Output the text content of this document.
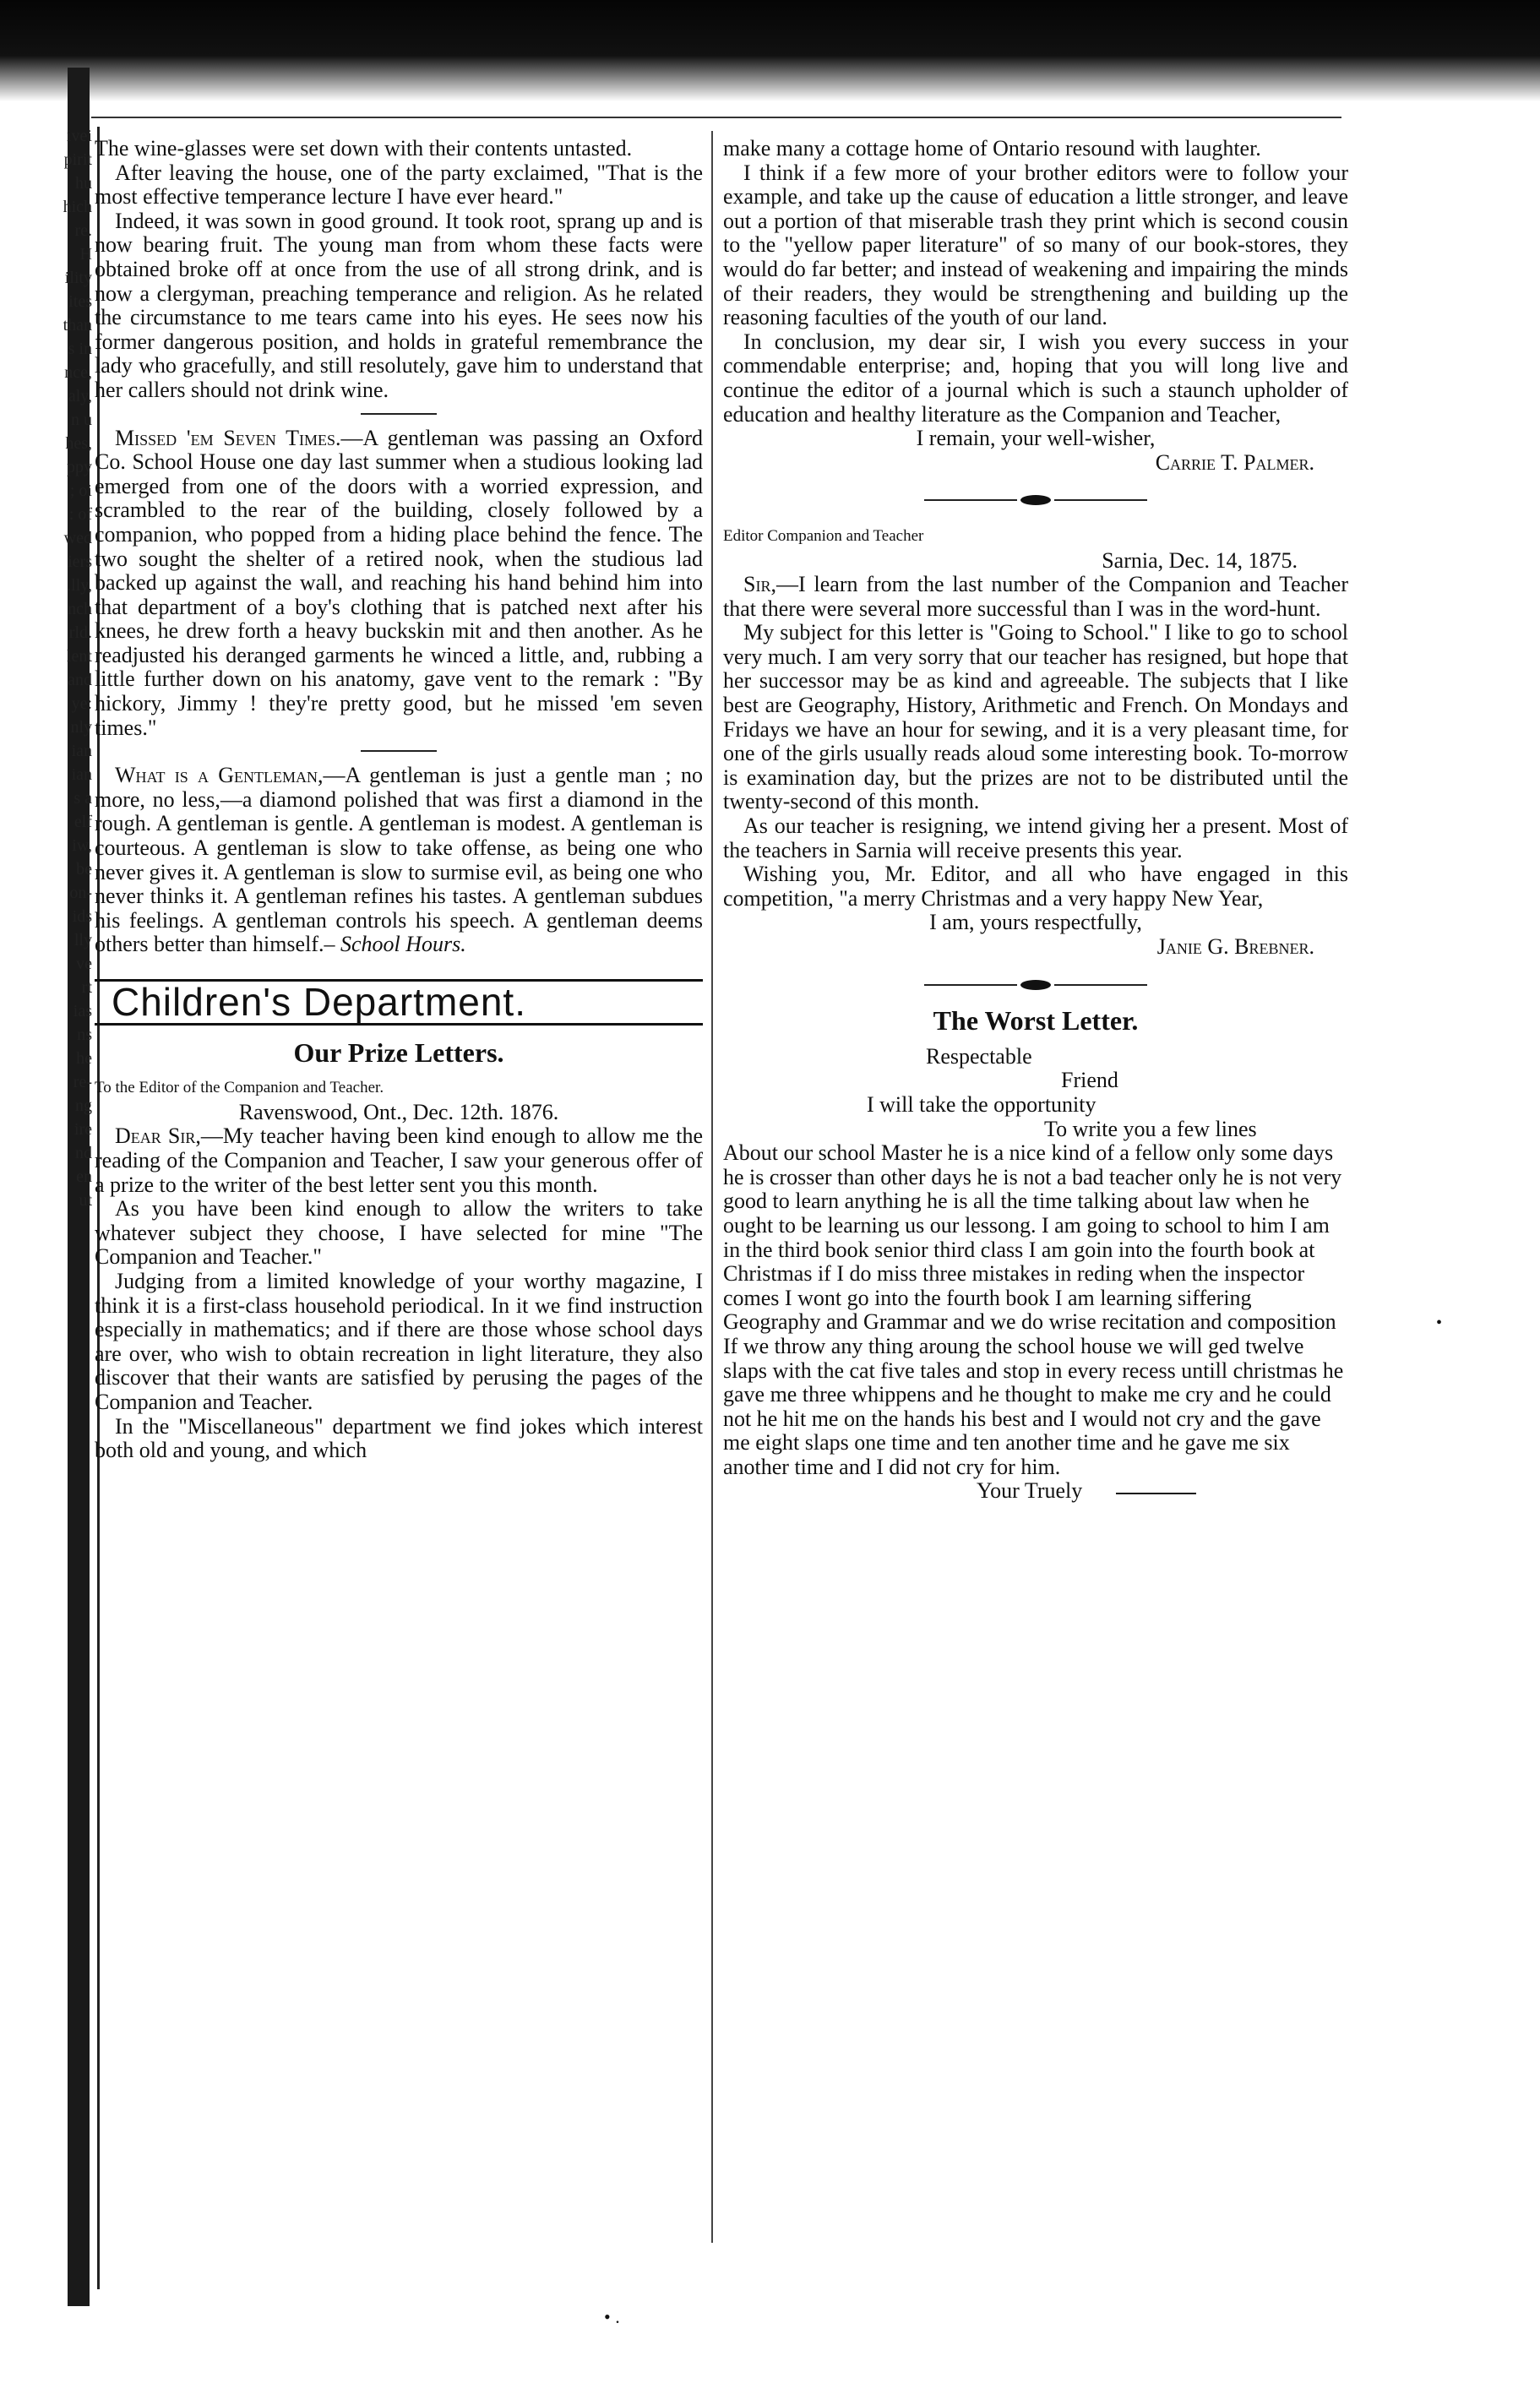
ivei
pirit
hu
hich
re.
H
ility
ites
than
s in
nce,
aly,
n u
hes,
ppy
; oi
: of
wed
iers
.lly,
nch
rld.
lent
and
ye:
nly
ian
ian
s a
elf
iw,
be
on-
ids
lly
ve
rt
ias
ns
he
re-
ng
ire
nd
en
ut

The wine-glasses were set down with their contents untasted.

After leaving the house, one of the party exclaimed, "That is the most effective temperance lecture I have ever heard."

Indeed, it was sown in good ground. It took root, sprang up and is now bearing fruit. The young man from whom these facts were obtained broke off at once from the use of all strong drink, and is now a clergyman, preaching temperance and religion. As he related the circumstance to me tears came into his eyes. He sees now his former dangerous position, and holds in grateful remembrance the lady who gracefully, and still resolutely, gave him to understand that her callers should not drink wine.

Missed 'em Seven Times.—A gentleman was passing an Oxford Co. School House one day last summer when a studious looking lad emerged from one of the doors with a worried expression, and scrambled to the rear of the building, closely followed by a companion, who popped from a hiding place behind the fence. The two sought the shelter of a retired nook, when the studious lad backed up against the wall, and reaching his hand behind him into that department of a boy's clothing that is patched next after his knees, he drew forth a heavy buckskin mit and then another. As he readjusted his deranged garments he winced a little, and, rubbing a little further down on his anatomy, gave vent to the remark : "By hickory, Jimmy ! they're pretty good, but he missed 'em seven times."

What is a Gentleman,—A gentleman is just a gentle man ; no more, no less,—a diamond polished that was first a diamond in the rough. A gentleman is gentle. A gentleman is modest. A gentleman is courteous. A gentleman is slow to take offense, as being one who never gives it. A gentleman is slow to surmise evil, as being one who never thinks it. A gentleman refines his tastes. A gentleman subdues his feelings. A gentleman controls his speech. A gentleman deems others better than himself.– School Hours.

Children's Department.
Our Prize Letters.

To the Editor of the Companion and Teacher.

Ravenswood, Ont., Dec. 12th. 1876.

Dear Sir,—My teacher having been kind enough to allow me the reading of the Companion and Teacher, I saw your generous offer of a prize to the writer of the best letter sent you this month.

As you have been kind enough to allow the writers to take whatever subject they choose, I have selected for mine "The Companion and Teacher."

Judging from a limited knowledge of your worthy magazine, I think it is a first-class household periodical. In it we find instruction especially in mathematics; and if there are those whose school days are over, who wish to obtain recreation in light literature, they also discover that their wants are satisfied by perusing the pages of the Companion and Teacher.

In the "Miscellaneous" department we find jokes which interest both old and young, and which

make many a cottage home of Ontario resound with laughter.

I think if a few more of your brother editors were to follow your example, and take up the cause of education a little stronger, and leave out a portion of that miserable trash they print which is second cousin to the "yellow paper literature" of so many of our book-stores, they would do far better; and instead of weakening and impairing the minds of their readers, they would be strengthening and building up the reasoning faculties of the youth of our land.

In conclusion, my dear sir, I wish you every success in your commendable enterprise; and, hoping that you will long live and continue the editor of a journal which is such a staunch upholder of education and healthy literature as the Companion and Teacher,

I remain, your well-wisher,

Carrie T. Palmer.

Editor Companion and Teacher

Sarnia, Dec. 14, 1875.

Sir,—I learn from the last number of the Companion and Teacher that there were several more successful than I was in the word-hunt.

My subject for this letter is "Going to School." I like to go to school very much. I am very sorry that our teacher has resigned, but hope that her successor may be as kind and agreeable. The subjects that I like best are Geography, History, Arithmetic and French. On Mondays and Fridays we have an hour for sewing, and it is a very pleasant time, for one of the girls usually reads aloud some interesting book. To-morrow is examination day, but the prizes are not to be distributed until the twenty-second of this month.

As our teacher is resigning, we intend giving her a present. Most of the teachers in Sarnia will receive presents this year.

Wishing you, Mr. Editor, and all who have engaged in this competition, "a merry Christmas and a very happy New Year,

I am, yours respectfully,

Janie G. Brebner.

The Worst Letter.

Respectable

Friend

I will take the opportunity

To write you a few lines

About our school Master he is a nice kind of a fellow only some days he is crosser than other days he is not a bad teacher only he is not very good to learn anything he is all the time talking about law when he ought to be learning us our lessong. I am going to school to him I am in the third book senior third class I am goin into the fourth book at Christmas if I do miss three mistakes in reding when the inspector comes I wont go into the fourth book I am learning siffering Geography and Grammar and we do wrise recitation and composition If we throw any thing aroung the school house we will ged twelve slaps with the cat five tales and stop in every recess untill christmas he gave me three whippens and he thought to make me cry and he could not he hit me on the hands his best and I would not cry and the gave me eight slaps one time and ten another time and he gave me six another time and I did not cry for him.

Your Truely

•
• .
